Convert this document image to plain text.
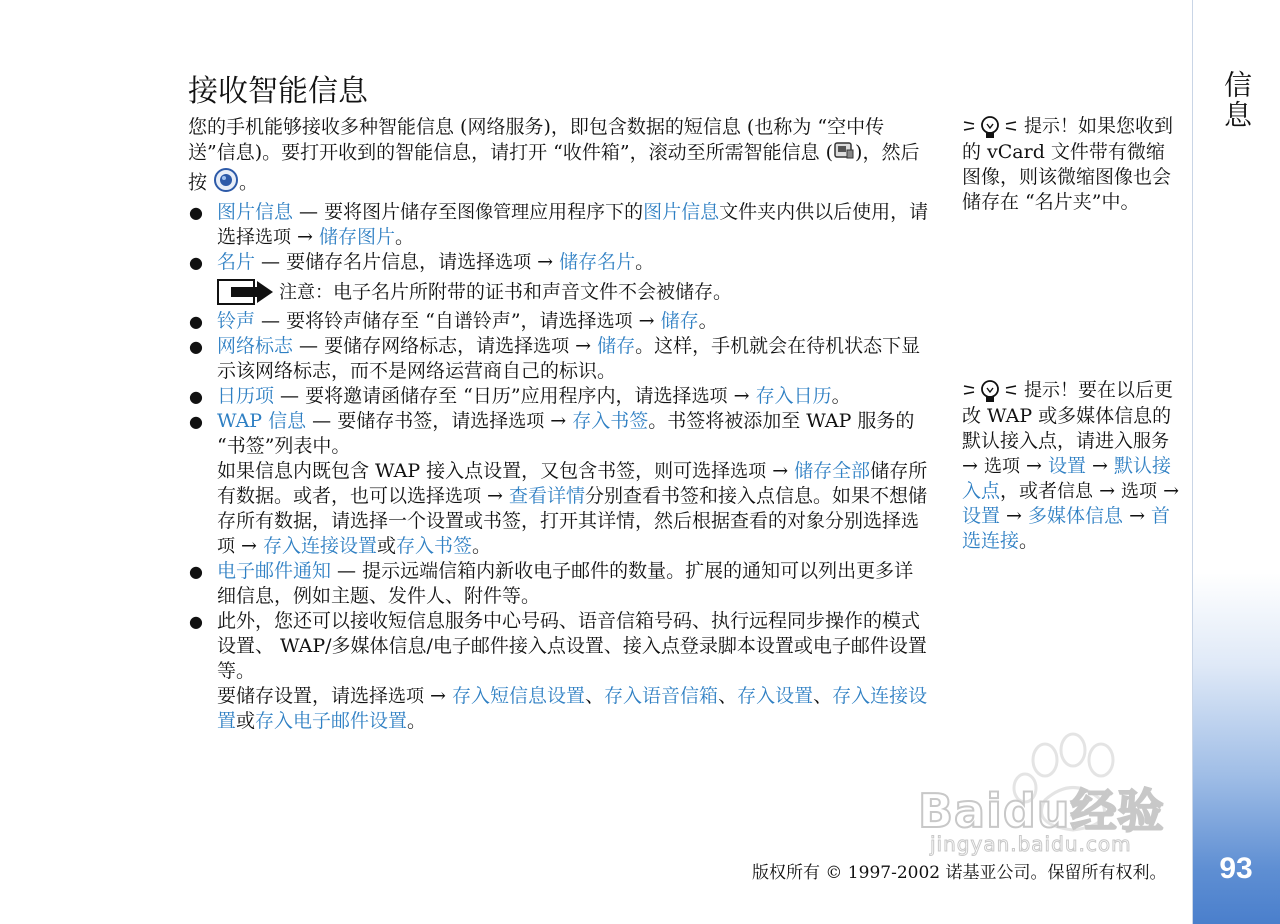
信息
93
接收智能信息

您的手机能够接收多种智能信息 (网络服务)，即包含数据的短信息 (也称为 “空中传送”信息)。要打开收到的智能信息，请打开 “收件箱”，滚动至所需智能信息 ( )，然后按 。

● 图片信息 — 要将图片储存至图像管理应用程序下的图片信息文件夹内供以后使用，请选择选项 → 储存图片。
● 名片 — 要储存名片信息，请选择选项 → 储存名片。
注意： 电子名片所附带的证书和声音文件不会被储存。
● 铃声 — 要将铃声储存至 “自谱铃声”，请选择选项 → 储存。
● 网络标志 — 要储存网络标志，请选择选项 → 储存。这样，手机就会在待机状态下显示该网络标志，而不是网络运营商自己的标识。
● 日历项 — 要将邀请函储存至 “日历”应用程序内，请选择选项 → 存入日历。
● WAP 信息 — 要储存书签，请选择选项 → 存入书签。书签将被添加至 WAP 服务的 “书签”列表中。
如果信息内既包含 WAP 接入点设置，又包含书签，则可选择选项 → 储存全部储存所有数据。或者，也可以选择选项 → 查看详情分别查看书签和接入点信息。如果不想储存所有数据，请选择一个设置或书签，打开其详情，然后根据查看的对象分别选择选项 → 存入连接设置或存入书签。
● 电子邮件通知 — 提示远端信箱内新收电子邮件的数量。扩展的通知可以列出更多详细信息，例如主题、发件人、附件等。
● 此外，您还可以接收短信息服务中心号码、语音信箱号码、执行远程同步操作的模式设置、 WAP/多媒体信息/电子邮件接入点设置、接入点登录脚本设置或电子邮件设置等。
要储存设置，请选择选项 → 存入短信息设置、存入语音信箱、存入设置、存入连接设置或存入电子邮件设置。
提示！如果您收到的 vCard 文件带有微缩图像，则该微缩图像也会储存在 “名片夹”中。
提示！要在以后更改 WAP 或多媒体信息的默认接入点，请进入服务 → 选项 → 设置 → 默认接入点，或者信息 → 选项 → 设置 → 多媒体信息 → 首选连接。
Baidu经验
jingyan.baidu.com
版权所有 © 1997-2002 诺基亚公司。保留所有权利。
